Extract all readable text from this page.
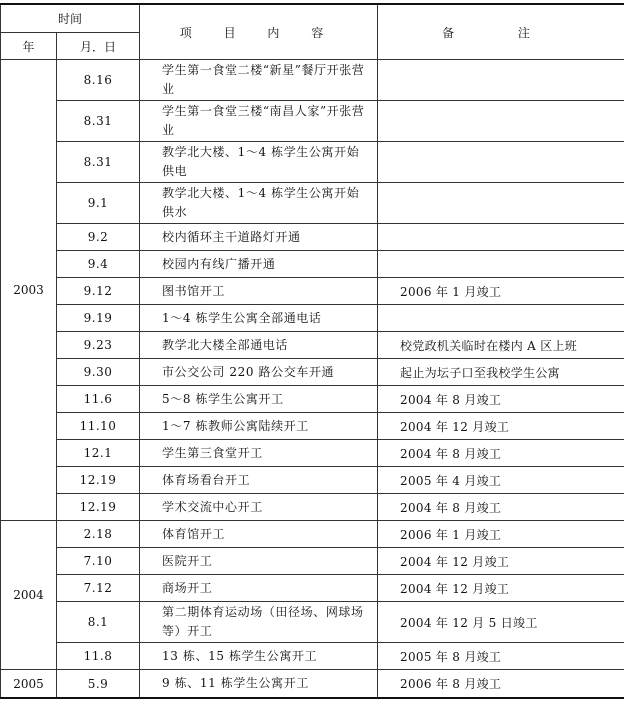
时间		项 目 内 容	备 注
年	月．日		
2003	8.16	学生第一食堂二楼“新星”餐厅开张营业	

	8.31	学生第一食堂三楼“南昌人家”开张营业	

	8.31	教学北大楼、1～4 栋学生公寓开始供电	

	9.1	教学北大楼、1～4 栋学生公寓开始供水	

	9.2	校内循环主干道路灯开通	

	9.4	校园内有线广播开通	

	9.12	图书馆开工	2006 年 1 月竣工
	9.19	1～4 栋学生公寓全部通电话	

	9.23	教学北大楼全部通电话	校党政机关临时在楼内 A 区上班
	9.30	市公交公司 220 路公交车开通	起止为坛子口至我校学生公寓
	11.6	5～8 栋学生公寓开工	2004 年 8 月竣工
	11.10	1～7 栋教师公寓陆续开工	2004 年 12 月竣工
	12.1	学生第三食堂开工	2004 年 8 月竣工
	12.19	体育场看台开工	2005 年 4 月竣工
	12.19	学术交流中心开工	2004 年 8 月竣工
2004	2.18	体育馆开工	2006 年 1 月竣工
	7.10	医院开工	2004 年 12 月竣工
	7.12	商场开工	2004 年 12 月竣工
	8.1	第二期体育运动场（田径场、网球场等）开工	2004 年 12 月 5 日竣工
	11.8	13 栋、15 栋学生公寓开工	2005 年 8 月竣工
2005	5.9	9 栋、11 栋学生公寓开工	2006 年 8 月竣工
